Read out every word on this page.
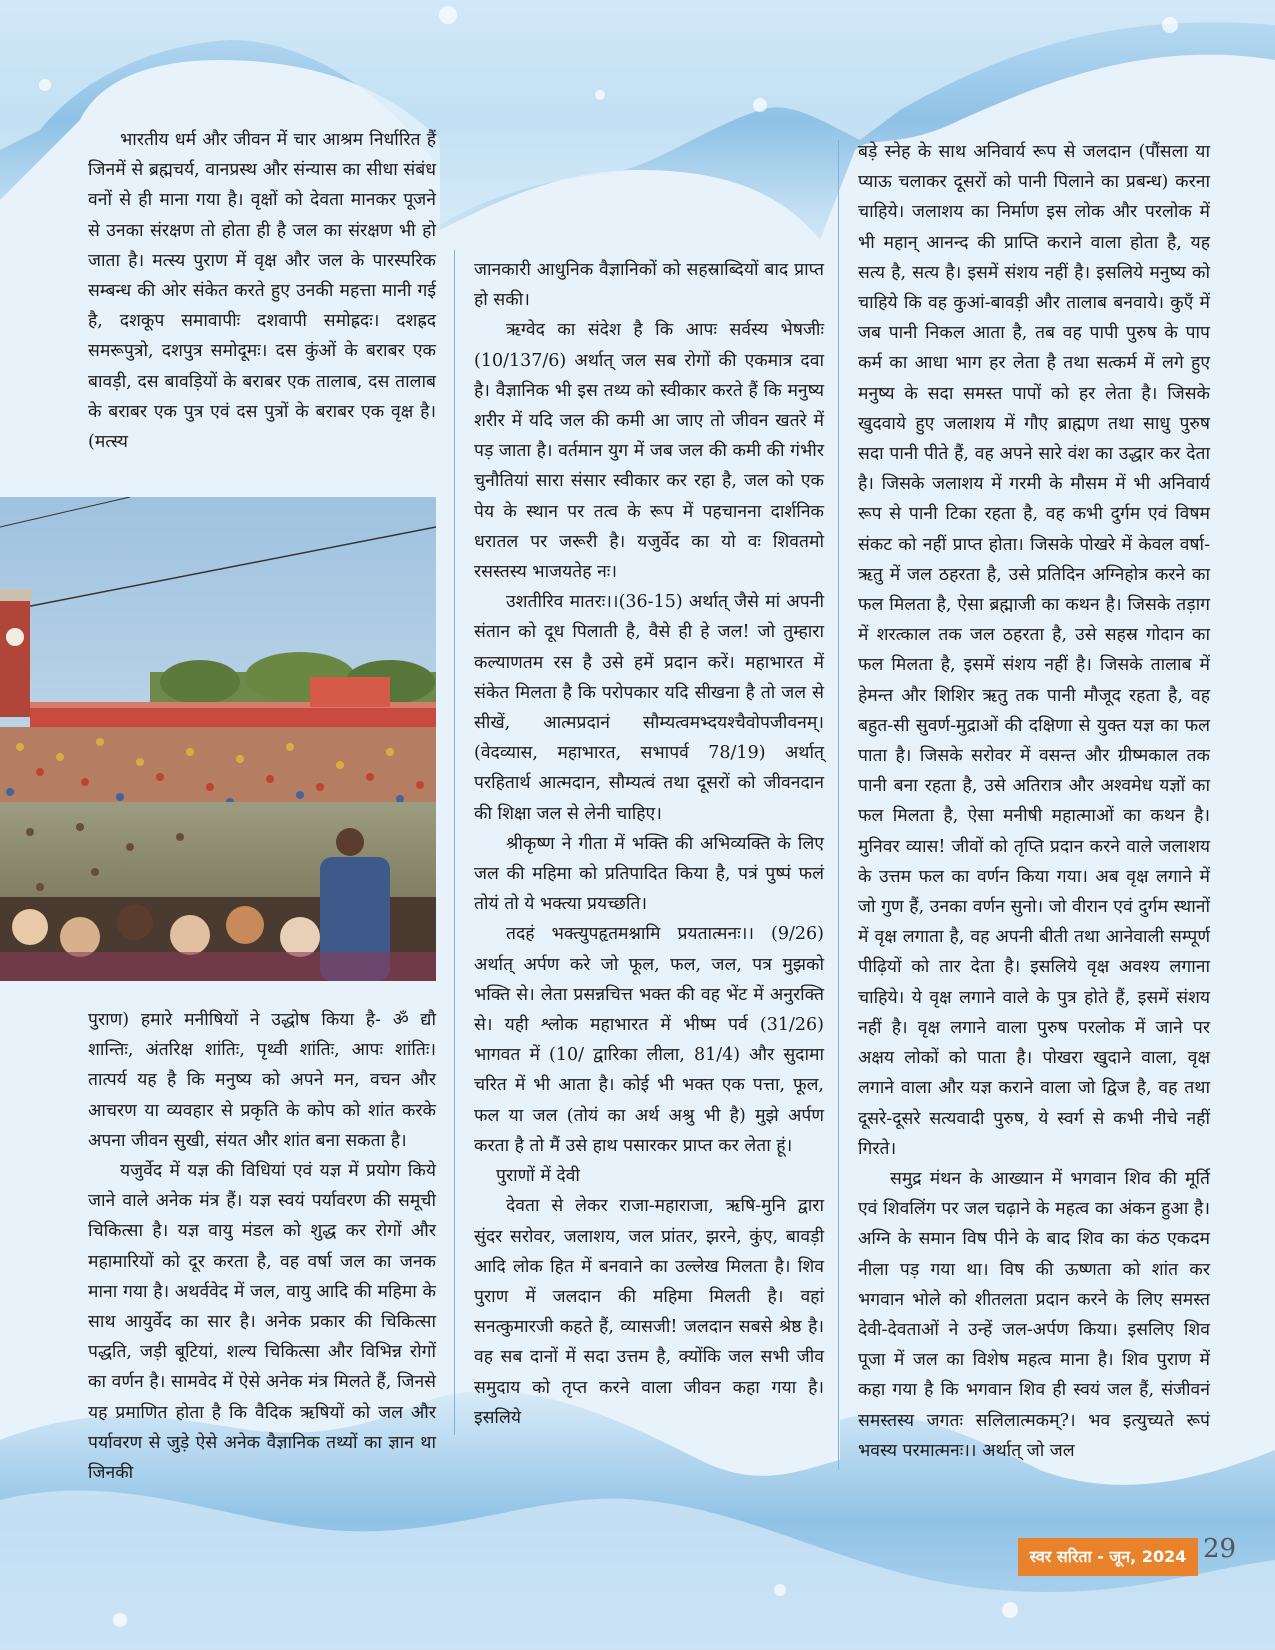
भारतीय धर्म और जीवन में चार आश्रम निर्धारित हैं जिनमें से ब्रह्मचर्य, वानप्रस्थ और संन्यास का सीधा संबंध वनों से ही माना गया है। वृक्षों को देवता मानकर पूजने से उनका संरक्षण तो होता ही है जल का संरक्षण भी हो जाता है। मत्स्य पुराण में वृक्ष और जल के पारस्परिक सम्बन्ध की ओर संकेत करते हुए उनकी महत्ता मानी गई है, दशकूप समावापीः दशवापी समोह्रदः। दशह्रद समरूपुत्रो, दशपुत्र समोदूमः। दस कुंओं के बराबर एक बावड़ी, दस बावड़ियों के बराबर एक तालाब, दस तालाब के बराबर एक पुत्र एवं दस पुत्रों के बराबर एक वृक्ष है। (मत्स्य

पुराण) हमारे मनीषियों ने उद्धोष किया है- ॐ द्यौ शान्तिः, अंतरिक्ष शांतिः, पृथ्वी शांतिः, आपः शांतिः। तात्पर्य यह है कि मनुष्य को अपने मन, वचन और आचरण या व्यवहार से प्रकृति के कोप को शांत करके अपना जीवन सुखी, संयत और शांत बना सकता है।

यजुर्वेद में यज्ञ की विधियां एवं यज्ञ में प्रयोग किये जाने वाले अनेक मंत्र हैं। यज्ञ स्वयं पर्यावरण की समूची चिकित्सा है। यज्ञ वायु मंडल को शुद्ध कर रोगों और महामारियों को दूर करता है, वह वर्षा जल का जनक माना गया है। अथर्ववेद में जल, वायु आदि की महिमा के साथ आयुर्वेद का सार है। अनेक प्रकार की चिकित्सा पद्धति, जड़ी बूटियां, शल्य चिकित्सा और विभिन्न रोगों का वर्णन है। सामवेद में ऐसे अनेक मंत्र मिलते हैं, जिनसे यह प्रमाणित होता है कि वैदिक ऋषियों को जल और पर्यावरण से जुड़े ऐसे अनेक वैज्ञानिक तथ्यों का ज्ञान था जिनकी

जानकारी आधुनिक वैज्ञानिकों को सहस्राब्दियों बाद प्राप्त हो सकी।

ऋग्वेद का संदेश है कि आपः सर्वस्य भेषजीः (10/137/6) अर्थात् जल सब रोगों की एकमात्र दवा है। वैज्ञानिक भी इस तथ्य को स्वीकार करते हैं कि मनुष्य शरीर में यदि जल की कमी आ जाए तो जीवन खतरे में पड़ जाता है। वर्तमान युग में जब जल की कमी की गंभीर चुनौतियां सारा संसार स्वीकार कर रहा है, जल को एक पेय के स्थान पर तत्व के रूप में पहचानना दार्शनिक धरातल पर जरूरी है। यजुर्वेद का यो वः शिवतमो रसस्तस्य भाजयतेह नः।

उशतीरिव मातरः।।(36-15) अर्थात् जैसे मां अपनी संतान को दूध पिलाती है, वैसे ही हे जल! जो तुम्हारा कल्याणतम रस है उसे हमें प्रदान करें। महाभारत में संकेत मिलता है कि परोपकार यदि सीखना है तो जल से सीखें, आत्मप्रदानं सौम्यत्वमभ्दयश्चैवोपजीवनम्। (वेदव्यास, महाभारत, सभापर्व 78/19) अर्थात् परहितार्थ आत्मदान, सौम्यत्वं तथा दूसरों को जीवनदान की शिक्षा जल से लेनी चाहिए।

श्रीकृष्ण ने गीता में भक्ति की अभिव्यक्ति के लिए जल की महिमा को प्रतिपादित किया है, पत्रं पुष्पं फलं तोयं तो ये भक्त्या प्रयच्छति।

तदहं भक्त्युपहृतमश्नामि प्रयतात्मनः।। (9/26) अर्थात् अर्पण करे जो फूल, फल, जल, पत्र मुझको भक्ति से। लेता प्रसन्नचित्त भक्त की वह भेंट में अनुरक्ति से। यही श्लोक महाभारत में भीष्म पर्व (31/26) भागवत में (10/ द्वारिका लीला, 81/4) और सुदामा चरित में भी आता है। कोई भी भक्त एक पत्ता, फूल, फल या जल (तोयं का अर्थ अश्रु भी है) मुझे अर्पण करता है तो मैं उसे हाथ पसारकर प्राप्त कर लेता हूं।

पुराणों में देवी

देवता से लेकर राजा-महाराजा, ऋषि-मुनि द्वारा सुंदर सरोवर, जलाशय, जल प्रांतर, झरने, कुंए, बावड़ी आदि लोक हित में बनवाने का उल्लेख मिलता है। शिव पुराण में जलदान की महिमा मिलती है। वहां सनत्कुमारजी कहते हैं, व्यासजी! जलदान सबसे श्रेष्ठ है। वह सब दानों में सदा उत्तम है, क्योंकि जल सभी जीव समुदाय को तृप्त करने वाला जीवन कहा गया है। इसलिये

बड़े स्नेह के साथ अनिवार्य रूप से जलदान (पौंसला या प्याऊ चलाकर दूसरों को पानी पिलाने का प्रबन्ध) करना चाहिये। जलाशय का निर्माण इस लोक और परलोक में भी महान् आनन्द की प्राप्ति कराने वाला होता है, यह सत्य है, सत्य है। इसमें संशय नहीं है। इसलिये मनुष्य को चाहिये कि वह कुआं-बावड़ी और तालाब बनवाये। कुएँ में जब पानी निकल आता है, तब वह पापी पुरुष के पाप कर्म का आधा भाग हर लेता है तथा सत्कर्म में लगे हुए मनुष्य के सदा समस्त पापों को हर लेता है। जिसके खुदवाये हुए जलाशय में गौए ब्राह्मण तथा साधु पुरुष सदा पानी पीते हैं, वह अपने सारे वंश का उद्धार कर देता है। जिसके जलाशय में गरमी के मौसम में भी अनिवार्य रूप से पानी टिका रहता है, वह कभी दुर्गम एवं विषम संकट को नहीं प्राप्त होता। जिसके पोखरे में केवल वर्षा-ऋतु में जल ठहरता है, उसे प्रतिदिन अग्निहोत्र करने का फल मिलता है, ऐसा ब्रह्माजी का कथन है। जिसके तड़ाग में शरत्काल तक जल ठहरता है, उसे सहस्र गोदान का फल मिलता है, इसमें संशय नहीं है। जिसके तालाब में हेमन्त और शिशिर ऋतु तक पानी मौजूद रहता है, वह बहुत-सी सुवर्ण-मुद्राओं की दक्षिणा से युक्त यज्ञ का फल पाता है। जिसके सरोवर में वसन्त और ग्रीष्मकाल तक पानी बना रहता है, उसे अतिरात्र और अश्वमेध यज्ञों का फल मिलता है, ऐसा मनीषी महात्माओं का कथन है। मुनिवर व्यास! जीवों को तृप्ति प्रदान करने वाले जलाशय के उत्तम फल का वर्णन किया गया। अब वृक्ष लगाने में जो गुण हैं, उनका वर्णन सुनो। जो वीरान एवं दुर्गम स्थानों में वृक्ष लगाता है, वह अपनी बीती तथा आनेवाली सम्पूर्ण पीढ़ियों को तार देता है। इसलिये वृक्ष अवश्य लगाना चाहिये। ये वृक्ष लगाने वाले के पुत्र होते हैं, इसमें संशय नहीं है। वृक्ष लगाने वाला पुरुष परलोक में जाने पर अक्षय लोकों को पाता है। पोखरा खुदाने वाला, वृक्ष लगाने वाला और यज्ञ कराने वाला जो द्विज है, वह तथा दूसरे-दूसरे सत्यवादी पुरुष, ये स्वर्ग से कभी नीचे नहीं गिरते।

समुद्र मंथन के आख्यान में भगवान शिव की मूर्ति एवं शिवलिंग पर जल चढ़ाने के महत्व का अंकन हुआ है। अग्नि के समान विष पीने के बाद शिव का कंठ एकदम नीला पड़ गया था। विष की ऊष्णता को शांत कर भगवान भोले को शीतलता प्रदान करने के लिए समस्त देवी-देवताओं ने उन्हें जल-अर्पण किया। इसलिए शिव पूजा में जल का विशेष महत्व माना है। शिव पुराण में कहा गया है कि भगवान शिव ही स्वयं जल हैं, संजीवनं समस्तस्य जगतः सलिलात्मकम्?। भव इत्युच्यते रूपं भवस्य परमात्मनः।। अर्थात् जो जल

स्वर सरिता - जून, 2024 29
